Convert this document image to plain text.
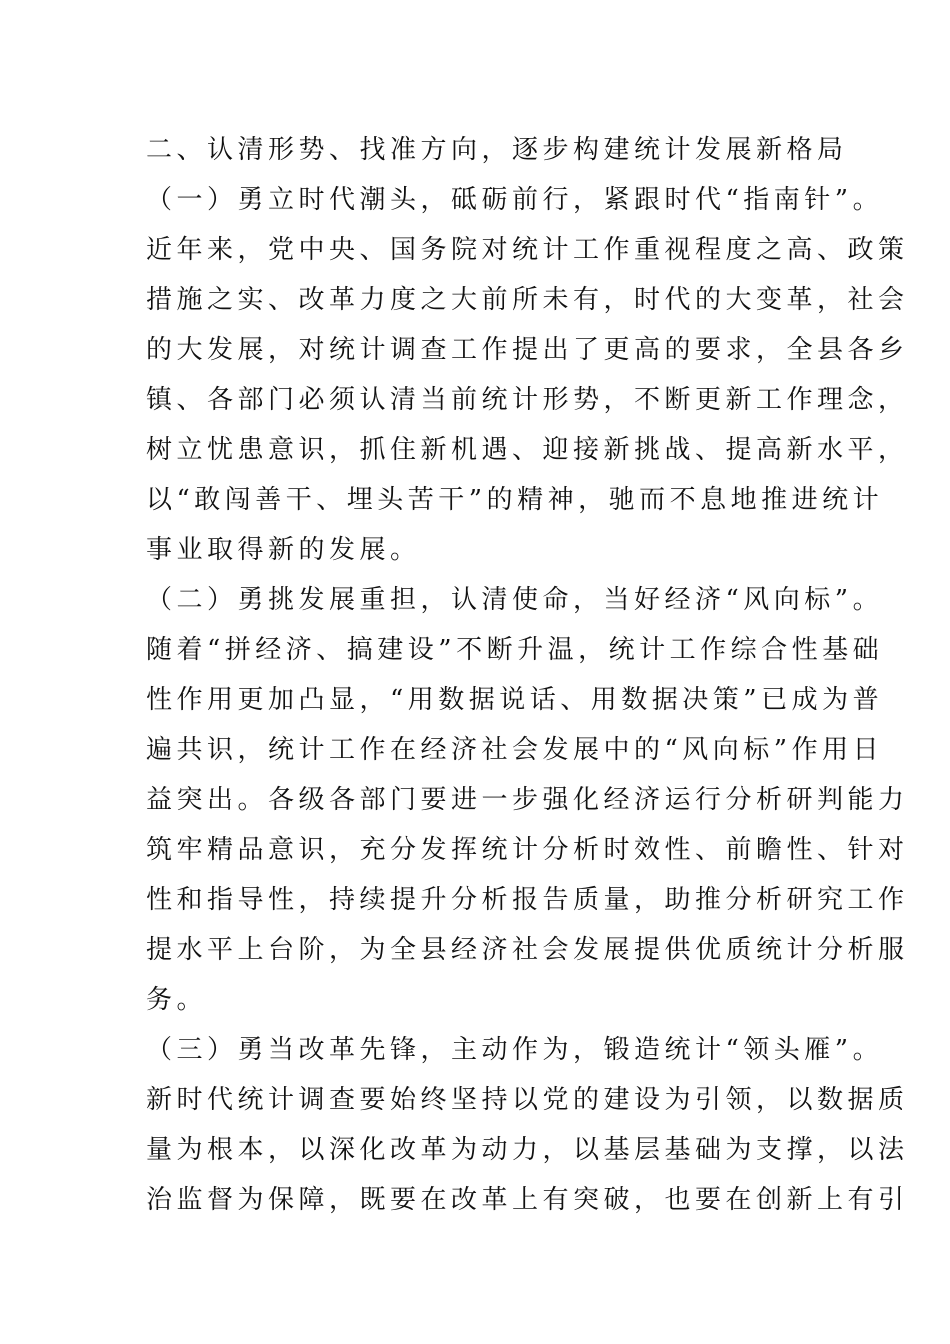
二、认清形势、找准方向，逐步构建统计发展新格局
（一）勇立时代潮头，砥砺前行，紧跟时代“指南针”。
近年来，党中央、国务院对统计工作重视程度之高、政策
措施之实、改革力度之大前所未有，时代的大变革，社会
的大发展，对统计调查工作提出了更高的要求，全县各乡
镇、各部门必须认清当前统计形势，不断更新工作理念，
树立忧患意识，抓住新机遇、迎接新挑战、提高新水平，
以“敢闯善干、埋头苦干”的精神，驰而不息地推进统计
事业取得新的发展。
（二）勇挑发展重担，认清使命，当好经济“风向标”。
随着“拼经济、搞建设”不断升温，统计工作综合性基础
性作用更加凸显，“用数据说话、用数据决策”已成为普
遍共识，统计工作在经济社会发展中的“风向标”作用日
益突出。各级各部门要进一步强化经济运行分析研判能力
筑牢精品意识，充分发挥统计分析时效性、前瞻性、针对
性和指导性，持续提升分析报告质量，助推分析研究工作
提水平上台阶，为全县经济社会发展提供优质统计分析服
务。
（三）勇当改革先锋，主动作为，锻造统计“领头雁”。
新时代统计调查要始终坚持以党的建设为引领，以数据质
量为根本，以深化改革为动力，以基层基础为支撑，以法
治监督为保障，既要在改革上有突破，也要在创新上有引
